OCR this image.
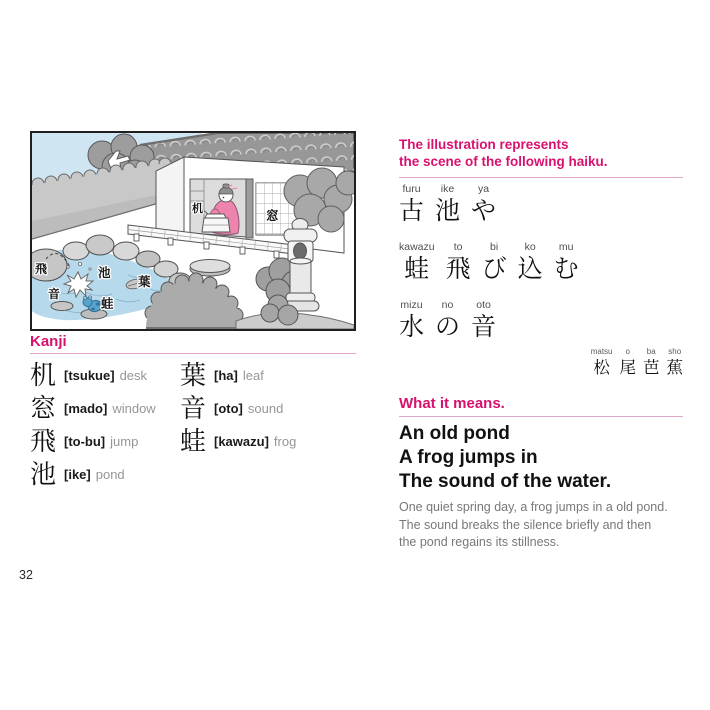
机	窓
飛
音
池
葉
蛙
Kanji
机 [tsukue] desk
窓 [mado] window
飛 [to-bu] jump
池 [ike] pond
葉 [ha] leaf
音 [oto] sound
蛙 [kawazu] frog
32
The illustration represents
the scene of the following haiku.
furu
古
ike
池
ya
や
kawazu
蛙
to
飛
bi
び
ko
込
mu
む
mizu
水
no
の
oto
音
matsu
松
o
尾
ba
芭
sho
蕉
What it means.
An old pond
A frog jumps in
The sound of the water.
One quiet spring day, a frog jumps in a old pond.
The sound breaks the silence briefly and then
the pond regains its stillness.
